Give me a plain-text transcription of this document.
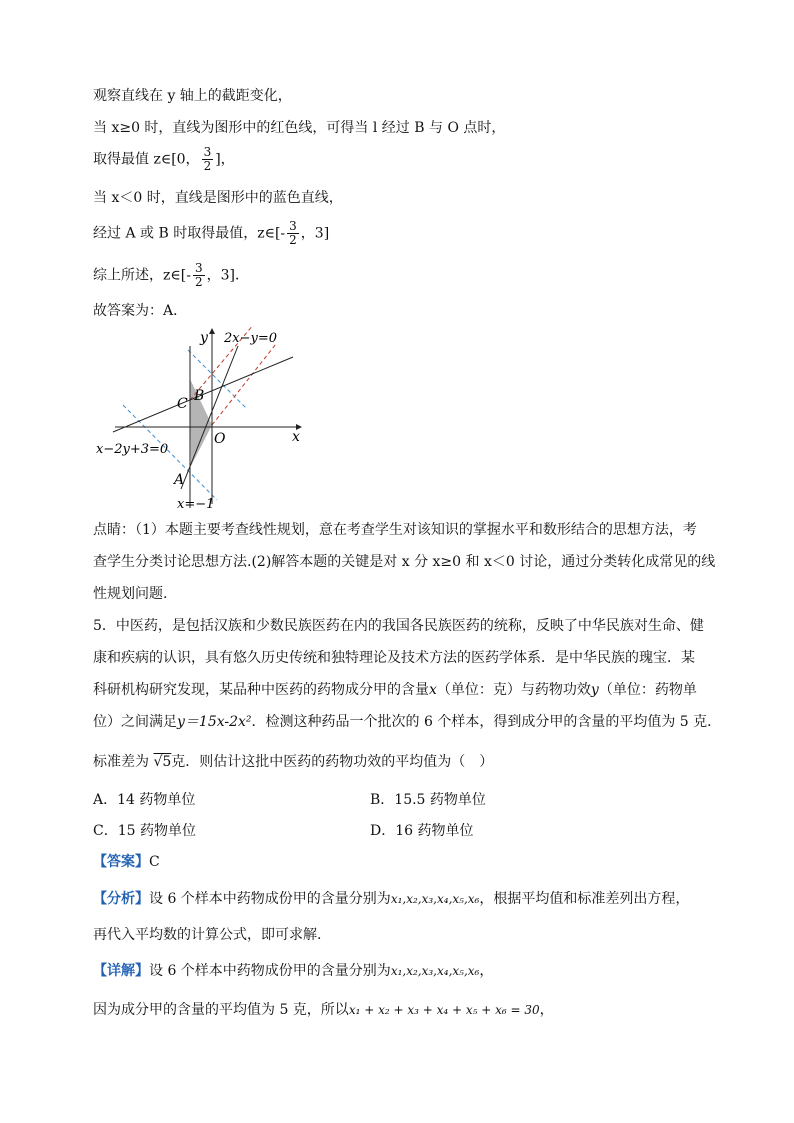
观察直线在 y 轴上的截距变化，
当 x≥0 时，直线为图形中的红色线，可得当 l 经过 B 与 O 点时，
取得最值 z∈[0， $\frac{3}{2}$ ]，
当 x＜0 时，直线是图形中的蓝色直线，
经过 A 或 B 时取得最值，z∈[- $\frac{3}{2}$ ，3]
综上所述，z∈[- $\frac{3}{2}$ ，3]．
故答案为：A．
y
x
2x−y=0
x−2y+3=0
C B
O
A
x=−1
点睛：（1）本题主要考查线性规划，意在考查学生对该知识的掌握水平和数形结合的思想方法，考
查学生分类讨论思想方法.(2)解答本题的关键是对 x 分 x≥0 和 x＜0 讨论，通过分类转化成常见的线
性规划问题.
5．中医药，是包括汉族和少数民族医药在内的我国各民族医药的统称，反映了中华民族对生命、健
康和疾病的认识，具有悠久历史传统和独特理论及技术方法的医药学体系．是中华民族的瑰宝．某
科研机构研究发现，某品种中医药的药物成分甲的含量x（单位：克）与药物功效y（单位：药物单
位）之间满足y＝15x-2x²．检测这种药品一个批次的 6 个样本，得到成分甲的含量的平均值为 5 克．
标准差为 √5克．则估计这批中医药的药物功效的平均值为（　）
A．14 药物单位	B．15.5 药物单位
C．15 药物单位	D．16 药物单位
【答案】C
【分析】设 6 个样本中药物成份甲的含量分别为x₁,x₂,x₃,x₄,x₅,x₆，根据平均值和标准差列出方程，
再代入平均数的计算公式，即可求解.
【详解】设 6 个样本中药物成份甲的含量分别为x₁,x₂,x₃,x₄,x₅,x₆，
因为成分甲的含量的平均值为 5 克，所以x₁ + x₂ + x₃ + x₄ + x₅ + x₆ = 30，
